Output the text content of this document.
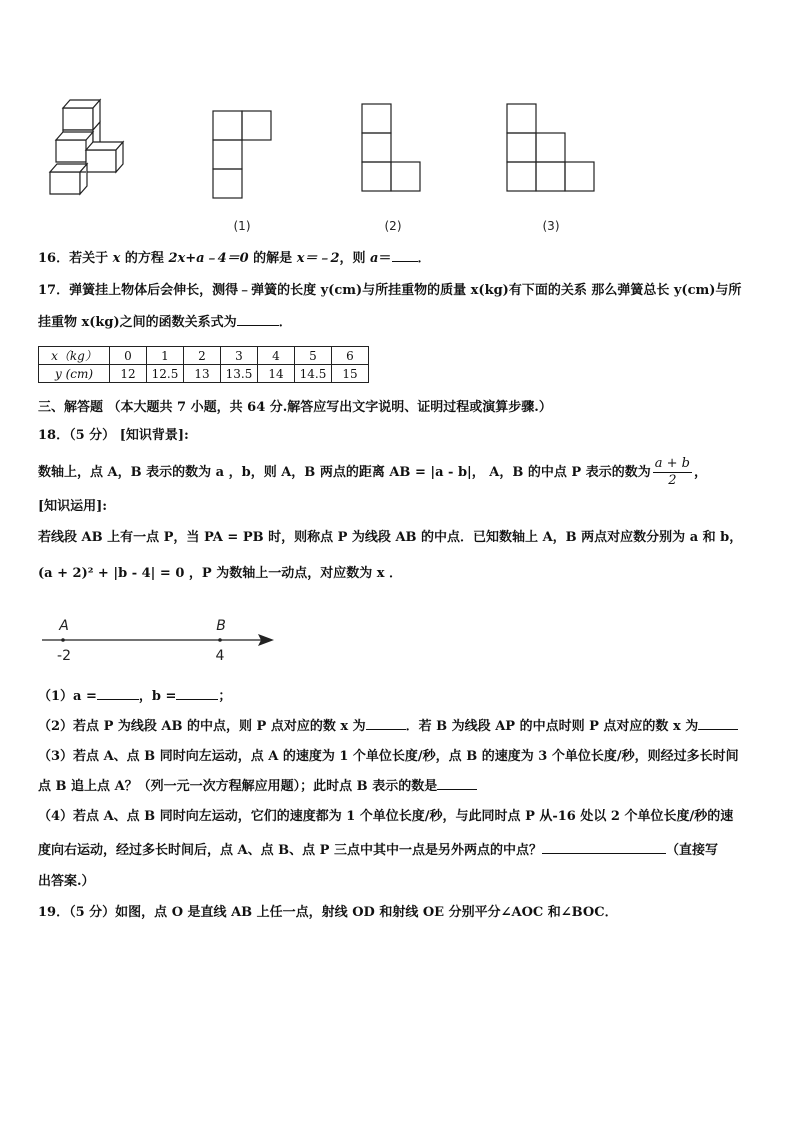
(1)	(2)	(3)
16．若关于 x 的方程 2x+a﹣4＝0 的解是 x＝﹣2，则 a＝ ．
17．弹簧挂上物体后会伸长，测得﹣弹簧的长度 y(cm)与所挂重物的质量 x(kg)有下面的关系 那么弹簧总长 y(cm)与所
挂重物 x(kg)之间的函数关系式为	．
x（kg）	0	1	2	3	4	5	6
y (cm)	12	12.5	13	13.5	14	14.5	15
三、解答题 （本大题共 7 小题，共 64 分.解答应写出文字说明、证明过程或演算步骤.）
18．（5 分） [知识背景]:
数轴上，点 A，B 表示的数为 a ，b，则 A，B 两点的距离 AB = |a - b|， A，B 的中点 P 表示的数为 $\frac{a + b}{2}$ ，
[知识运用]:
若线段 AB 上有一点 P，当 PA = PB 时，则称点 P 为线段 AB 的中点．已知数轴上 A，B 两点对应数分别为 a 和 b，
(a + 2)² + |b - 4| = 0 ，P 为数轴上一动点，对应数为 x ．
A	B
-2	4
（1）a =	，b =	；
（2）若点 P 为线段 AB 的中点，则 P 点对应的数 x 为	．若 B 为线段 AP 的中点时则 P 点对应的数 x 为
（3）若点 A、点 B 同时向左运动，点 A 的速度为 1 个单位长度/秒，点 B 的速度为 3 个单位长度/秒，则经过多长时间
点 B 追上点 A？（列一元一次方程解应用题）；此时点 B 表示的数是
（4）若点 A、点 B 同时向左运动，它们的速度都为 1 个单位长度/秒，与此同时点 P 从-16 处以 2 个单位长度/秒的速
度向右运动，经过多长时间后，点 A、点 B、点 P 三点中其中一点是另外两点的中点？	（直接写
出答案.）
19．（5 分）如图，点 O 是直线 AB 上任一点，射线 OD 和射线 OE 分别平分∠AOC 和∠BOC．
